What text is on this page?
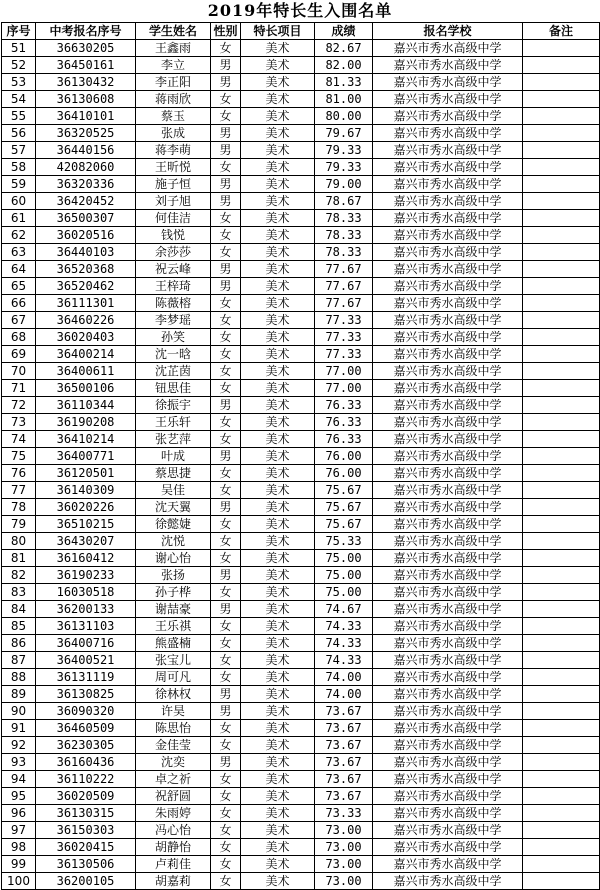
2019年特长生入围名单
序号	中考报名序号	学生姓名	性别	特长项目	成绩	报名学校	备注
51	36630205	王鑫雨	女	美术	82.67	嘉兴市秀水高级中学	
52	36450161	李立	男	美术	82.00	嘉兴市秀水高级中学	
53	36130432	李正阳	男	美术	81.33	嘉兴市秀水高级中学	
54	36130608	蒋雨欣	女	美术	81.00	嘉兴市秀水高级中学	
55	36410101	蔡玉	女	美术	80.00	嘉兴市秀水高级中学	
56	36320525	张成	男	美术	79.67	嘉兴市秀水高级中学	
57	36440156	蒋李萌	男	美术	79.33	嘉兴市秀水高级中学	
58	42082060	王昕悦	女	美术	79.33	嘉兴市秀水高级中学	
59	36320336	施子恒	男	美术	79.00	嘉兴市秀水高级中学	
60	36420452	刘子旭	男	美术	78.67	嘉兴市秀水高级中学	
61	36500307	何佳洁	女	美术	78.33	嘉兴市秀水高级中学	
62	36020516	钱悦	女	美术	78.33	嘉兴市秀水高级中学	
63	36440103	余莎莎	女	美术	78.33	嘉兴市秀水高级中学	
64	36520368	祝云峰	男	美术	77.67	嘉兴市秀水高级中学	
65	36520462	王梓琦	男	美术	77.67	嘉兴市秀水高级中学	
66	36111301	陈薇榕	女	美术	77.67	嘉兴市秀水高级中学	
67	36460226	李梦瑶	女	美术	77.33	嘉兴市秀水高级中学	
68	36020403	孙笑	女	美术	77.33	嘉兴市秀水高级中学	
69	36400214	沈一晗	女	美术	77.33	嘉兴市秀水高级中学	
70	36400611	沈芷茵	女	美术	77.00	嘉兴市秀水高级中学	
71	36500106	钮思佳	女	美术	77.00	嘉兴市秀水高级中学	
72	36110344	徐振宇	男	美术	76.33	嘉兴市秀水高级中学	
73	36190208	王乐轩	女	美术	76.33	嘉兴市秀水高级中学	
74	36410214	张艺萍	女	美术	76.33	嘉兴市秀水高级中学	
75	36400771	叶成	男	美术	76.00	嘉兴市秀水高级中学	
76	36120501	蔡思捷	女	美术	76.00	嘉兴市秀水高级中学	
77	36140309	吴佳	女	美术	75.67	嘉兴市秀水高级中学	
78	36020226	沈天翼	男	美术	75.67	嘉兴市秀水高级中学	
79	36510215	徐懿婕	女	美术	75.67	嘉兴市秀水高级中学	
80	36430207	沈悦	女	美术	75.33	嘉兴市秀水高级中学	
81	36160412	谢心怡	女	美术	75.00	嘉兴市秀水高级中学	
82	36190233	张扬	男	美术	75.00	嘉兴市秀水高级中学	
83	16030518	孙子桦	女	美术	75.00	嘉兴市秀水高级中学	
84	36200133	谢喆豪	男	美术	74.67	嘉兴市秀水高级中学	
85	36131103	王乐祺	女	美术	74.33	嘉兴市秀水高级中学	
86	36400716	熊盛楠	女	美术	74.33	嘉兴市秀水高级中学	
87	36400521	张宝儿	女	美术	74.33	嘉兴市秀水高级中学	
88	36131119	周可凡	女	美术	74.00	嘉兴市秀水高级中学	
89	36130825	徐林权	男	美术	74.00	嘉兴市秀水高级中学	
90	36090320	许昊	男	美术	73.67	嘉兴市秀水高级中学	
91	36460509	陈思怡	女	美术	73.67	嘉兴市秀水高级中学	
92	36230305	金佳莹	女	美术	73.67	嘉兴市秀水高级中学	
93	36160436	沈奕	男	美术	73.67	嘉兴市秀水高级中学	
94	36110222	卓之祈	女	美术	73.67	嘉兴市秀水高级中学	
95	36020509	祝舒圆	女	美术	73.67	嘉兴市秀水高级中学	
96	36130315	朱雨婷	女	美术	73.33	嘉兴市秀水高级中学	
97	36150303	冯心怡	女	美术	73.00	嘉兴市秀水高级中学	
98	36020415	胡静怡	女	美术	73.00	嘉兴市秀水高级中学	
99	36130506	卢莉佳	女	美术	73.00	嘉兴市秀水高级中学	
100	36200105	胡嘉莉	女	美术	73.00	嘉兴市秀水高级中学	
